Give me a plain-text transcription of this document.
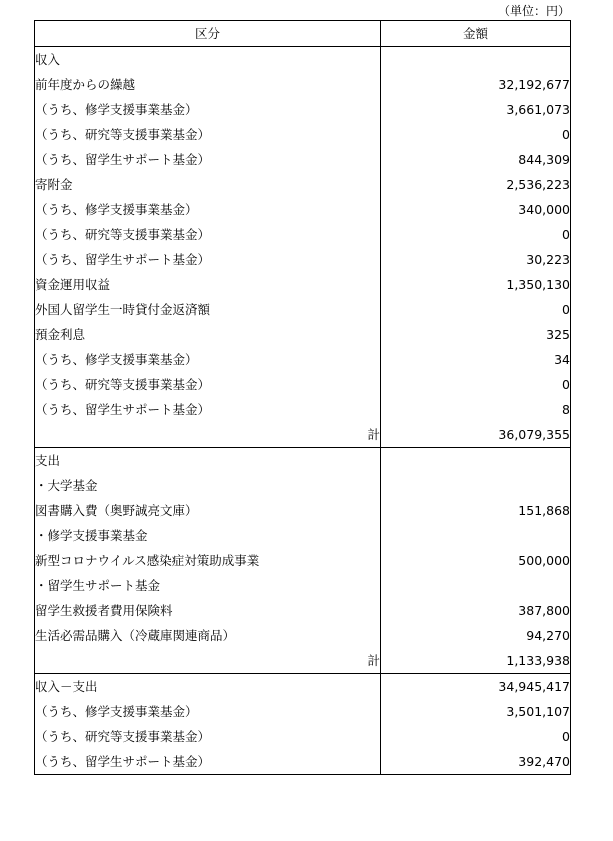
（単位：円）
区分	金額
収入	
前年度からの繰越	32,192,677
（うち、修学支援事業基金）	3,661,073
（うち、研究等支援事業基金）	0
（うち、留学生サポート基金）	844,309
寄附金	2,536,223
（うち、修学支援事業基金）	340,000
（うち、研究等支援事業基金）	0
（うち、留学生サポート基金）	30,223
資金運用収益	1,350,130
外国人留学生一時貸付金返済額	0
預金利息	325
（うち、修学支援事業基金）	34
（うち、研究等支援事業基金）	0
（うち、留学生サポート基金）	8
計	36,079,355
支出	
・大学基金	
図書購入費（奥野誠亮文庫）	151,868
・修学支援事業基金	
新型コロナウイルス感染症対策助成事業	500,000
・留学生サポート基金	
留学生救援者費用保険料	387,800
生活必需品購入（冷蔵庫関連商品）	94,270
計	1,133,938
収入－支出	34,945,417
（うち、修学支援事業基金）	3,501,107
（うち、研究等支援事業基金）	0
（うち、留学生サポート基金）	392,470
